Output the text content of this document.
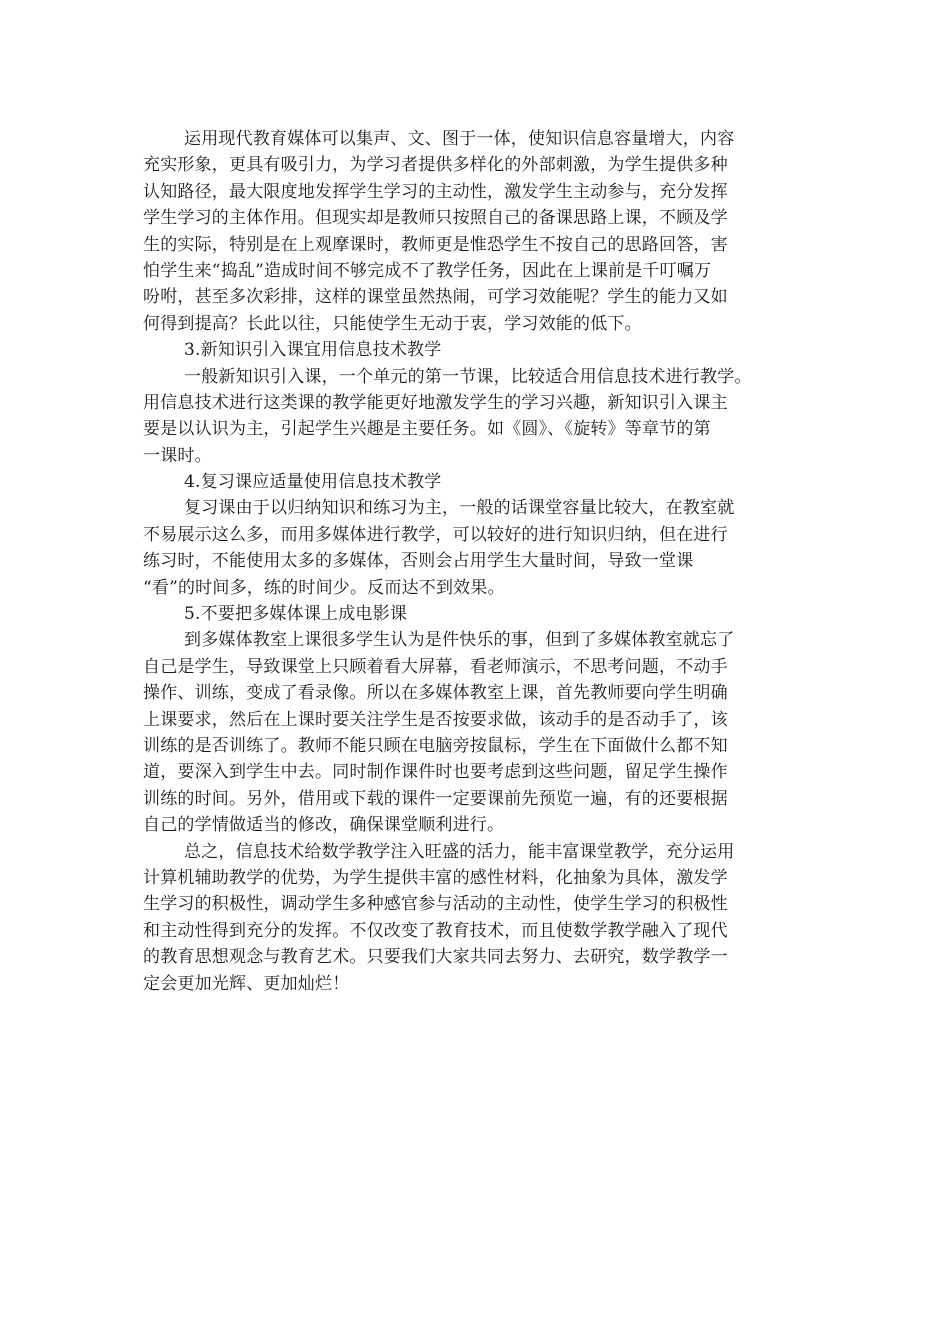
运用现代教育媒体可以集声、文、图于一体，使知识信息容量增大，内容
充实形象，更具有吸引力，为学习者提供多样化的外部刺激，为学生提供多种
认知路径，最大限度地发挥学生学习的主动性，激发学生主动参与，充分发挥
学生学习的主体作用。但现实却是教师只按照自己的备课思路上课，不顾及学
生的实际，特别是在上观摩课时，教师更是惟恐学生不按自己的思路回答，害
怕学生来“捣乱”造成时间不够完成不了教学任务，因此在上课前是千叮嘱万
吩咐，甚至多次彩排，这样的课堂虽然热闹，可学习效能呢？学生的能力又如
何得到提高？长此以往，只能使学生无动于衷，学习效能的低下。
3.新知识引入课宜用信息技术教学
一般新知识引入课，一个单元的第一节课，比较适合用信息技术进行教学。
用信息技术进行这类课的教学能更好地激发学生的学习兴趣，新知识引入课主
要是以认识为主，引起学生兴趣是主要任务。如《圆》、《旋转》等章节的第
一课时。
4.复习课应适量使用信息技术教学
复习课由于以归纳知识和练习为主，一般的话课堂容量比较大，在教室就
不易展示这么多，而用多媒体进行教学，可以较好的进行知识归纳，但在进行
练习时，不能使用太多的多媒体，否则会占用学生大量时间，导致一堂课
“看”的时间多，练的时间少。反而达不到效果。
5.不要把多媒体课上成电影课
到多媒体教室上课很多学生认为是件快乐的事，但到了多媒体教室就忘了
自己是学生，导致课堂上只顾着看大屏幕，看老师演示，不思考问题，不动手
操作、训练，变成了看录像。所以在多媒体教室上课，首先教师要向学生明确
上课要求，然后在上课时要关注学生是否按要求做，该动手的是否动手了，该
训练的是否训练了。教师不能只顾在电脑旁按鼠标，学生在下面做什么都不知
道，要深入到学生中去。同时制作课件时也要考虑到这些问题，留足学生操作
训练的时间。另外，借用或下载的课件一定要课前先预览一遍，有的还要根据
自己的学情做适当的修改，确保课堂顺利进行。
总之，信息技术给数学教学注入旺盛的活力，能丰富课堂教学，充分运用
计算机辅助教学的优势，为学生提供丰富的感性材料，化抽象为具体，激发学
生学习的积极性，调动学生多种感官参与活动的主动性，使学生学习的积极性
和主动性得到充分的发挥。不仅改变了教育技术，而且使数学教学融入了现代
的教育思想观念与教育艺术。只要我们大家共同去努力、去研究，数学教学一
定会更加光辉、更加灿烂！
